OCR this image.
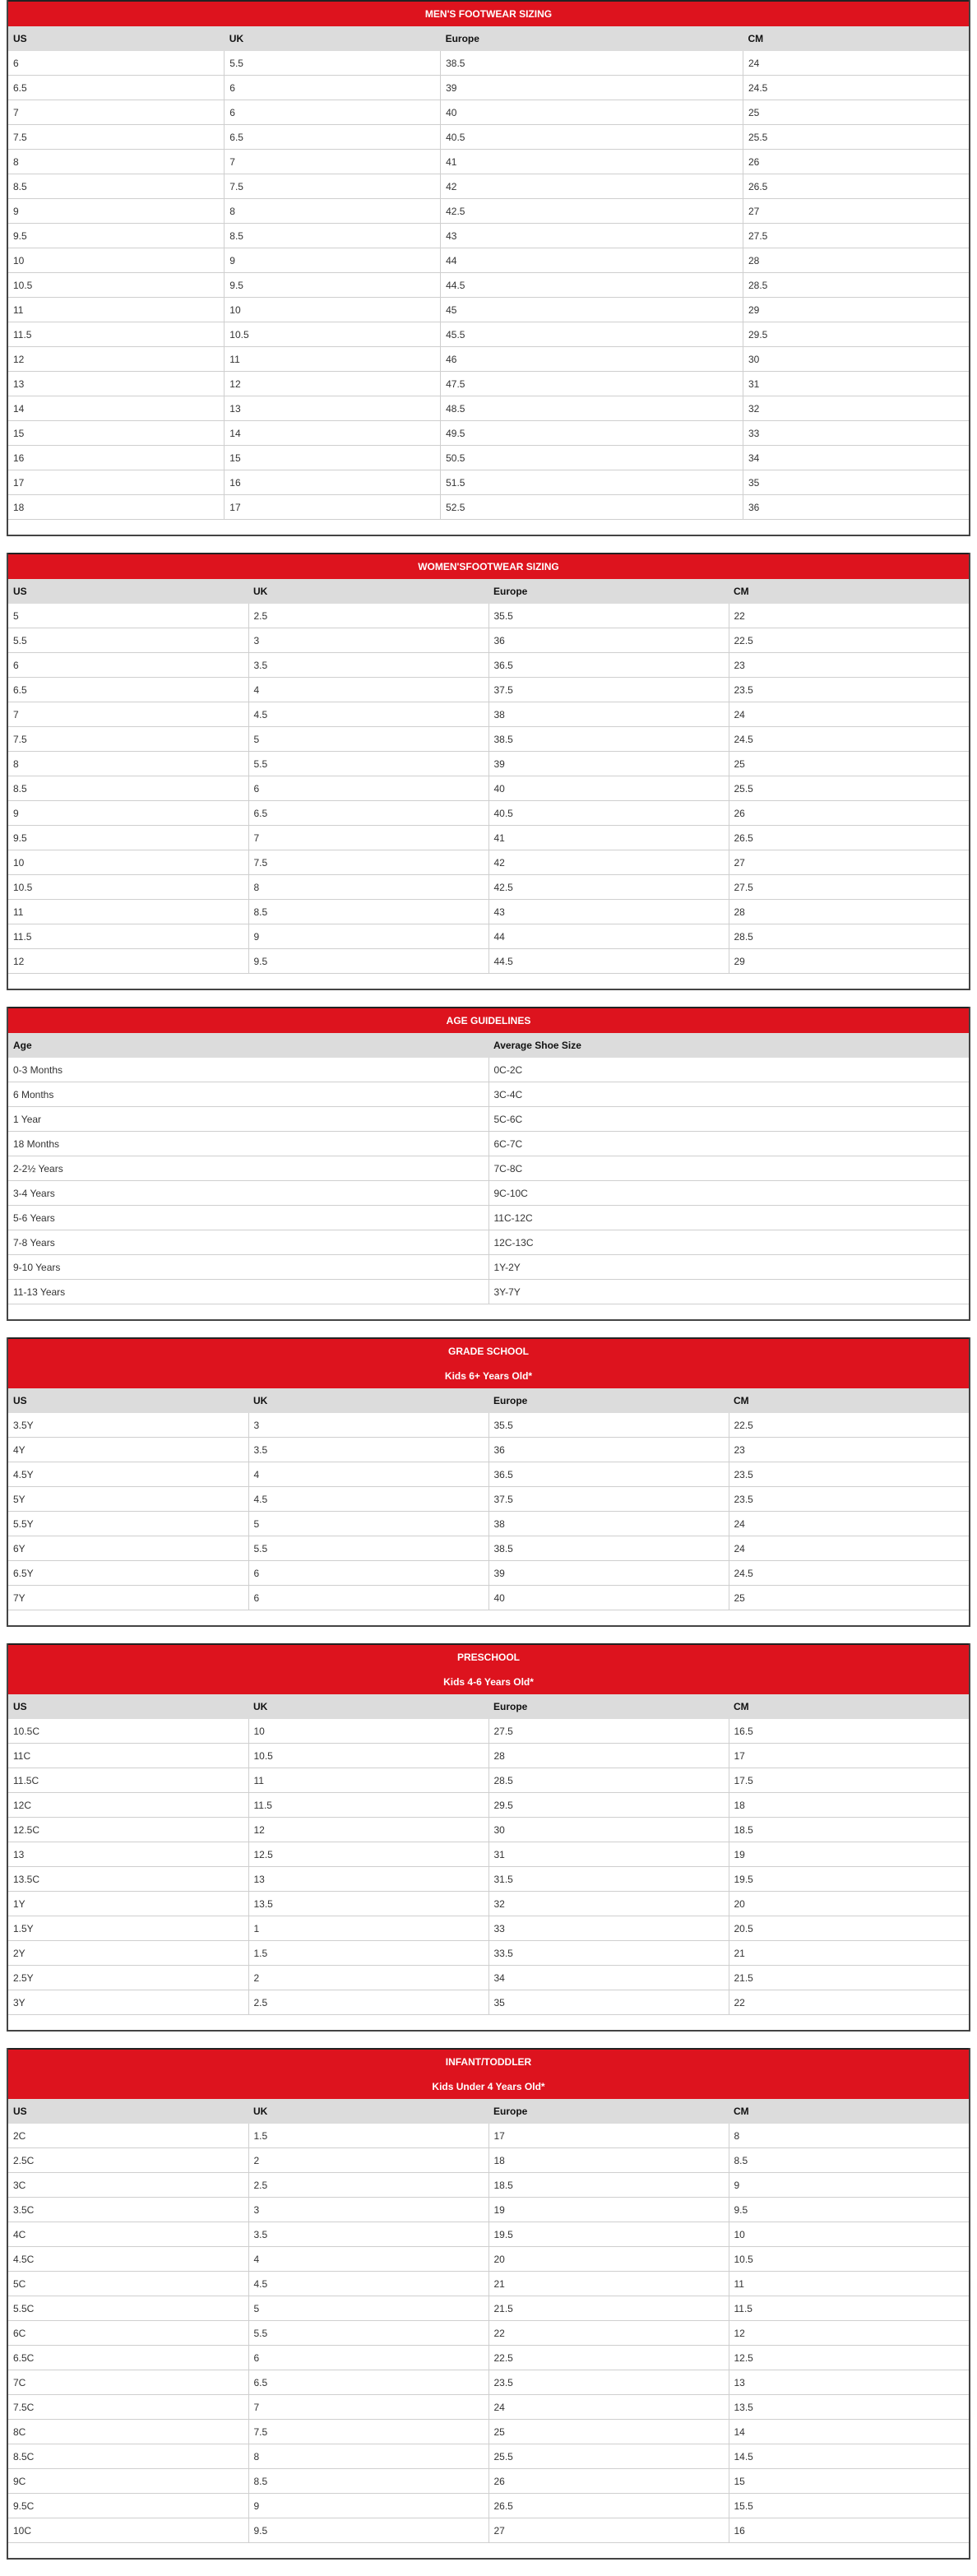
MEN'S FOOTWEAR SIZING
US	UK	Europe	CM
6	5.5	38.5	24
6.5	6	39	24.5
7	6	40	25
7.5	6.5	40.5	25.5
8	7	41	26
8.5	7.5	42	26.5
9	8	42.5	27
9.5	8.5	43	27.5
10	9	44	28
10.5	9.5	44.5	28.5
11	10	45	29
11.5	10.5	45.5	29.5
12	11	46	30
13	12	47.5	31
14	13	48.5	32
15	14	49.5	33
16	15	50.5	34
17	16	51.5	35
18	17	52.5	36
WOMEN'SFOOTWEAR SIZING
US	UK	Europe	CM
5	2.5	35.5	22
5.5	3	36	22.5
6	3.5	36.5	23
6.5	4	37.5	23.5
7	4.5	38	24
7.5	5	38.5	24.5
8	5.5	39	25
8.5	6	40	25.5
9	6.5	40.5	26
9.5	7	41	26.5
10	7.5	42	27
10.5	8	42.5	27.5
11	8.5	43	28
11.5	9	44	28.5
12	9.5	44.5	29
AGE GUIDELINES
Age	Average Shoe Size
0-3 Months	0C-2C
6 Months	3C-4C
1 Year	5C-6C
18 Months	6C-7C
2-2½ Years	7C-8C
3-4 Years	9C-10C
5-6 Years	11C-12C
7-8 Years	12C-13C
9-10 Years	1Y-2Y
11-13 Years	3Y-7Y
GRADE SCHOOL
Kids 6+ Years Old*
US	UK	Europe	CM
3.5Y	3	35.5	22.5
4Y	3.5	36	23
4.5Y	4	36.5	23.5
5Y	4.5	37.5	23.5
5.5Y	5	38	24
6Y	5.5	38.5	24
6.5Y	6	39	24.5
7Y	6	40	25
PRESCHOOL
Kids 4-6 Years Old*
US	UK	Europe	CM
10.5C	10	27.5	16.5
11C	10.5	28	17
11.5C	11	28.5	17.5
12C	11.5	29.5	18
12.5C	12	30	18.5
13	12.5	31	19
13.5C	13	31.5	19.5
1Y	13.5	32	20
1.5Y	1	33	20.5
2Y	1.5	33.5	21
2.5Y	2	34	21.5
3Y	2.5	35	22
INFANT/TODDLER
Kids Under 4 Years Old*
US	UK	Europe	CM
2C	1.5	17	8
2.5C	2	18	8.5
3C	2.5	18.5	9
3.5C	3	19	9.5
4C	3.5	19.5	10
4.5C	4	20	10.5
5C	4.5	21	11
5.5C	5	21.5	11.5
6C	5.5	22	12
6.5C	6	22.5	12.5
7C	6.5	23.5	13
7.5C	7	24	13.5
8C	7.5	25	14
8.5C	8	25.5	14.5
9C	8.5	26	15
9.5C	9	26.5	15.5
10C	9.5	27	16
